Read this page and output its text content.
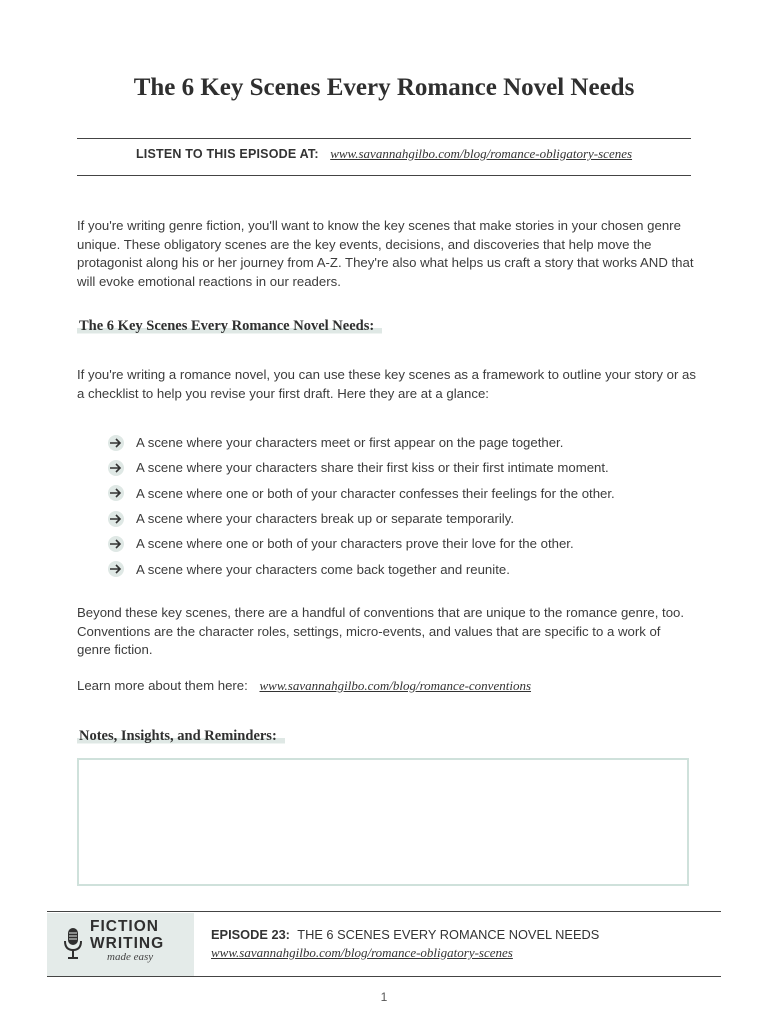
The 6 Key Scenes Every Romance Novel Needs
LISTEN TO THIS EPISODE AT: www.savannahgilbo.com/blog/romance-obligatory-scenes

If you're writing genre fiction, you'll want to know the key scenes that make stories in your chosen genre unique. These obligatory scenes are the key events, decisions, and discoveries that help move the protagonist along his or her journey from A-Z. They're also what helps us craft a story that works AND that will evoke emotional reactions in our readers.

The 6 Key Scenes Every Romance Novel Needs:

If you're writing a romance novel, you can use these key scenes as a framework to outline your story or as a checklist to help you revise your first draft. Here they are at a glance:

A scene where your characters meet or first appear on the page together.
A scene where your characters share their first kiss or their first intimate moment.
A scene where one or both of your character confesses their feelings for the other.
A scene where your characters break up or separate temporarily.
A scene where one or both of your characters prove their love for the other.
A scene where your characters come back together and reunite.

Beyond these key scenes, there are a handful of conventions that are unique to the romance genre, too. Conventions are the character roles, settings, micro-events, and values that are specific to a work of genre fiction.

Learn more about them here: www.savannahgilbo.com/blog/romance-conventions
Notes, Insights, and Reminders:
FICTION
WRITING
made easy
EPISODE 23: THE 6 SCENES EVERY ROMANCE NOVEL NEEDS
www.savannahgilbo.com/blog/romance-obligatory-scenes
1
